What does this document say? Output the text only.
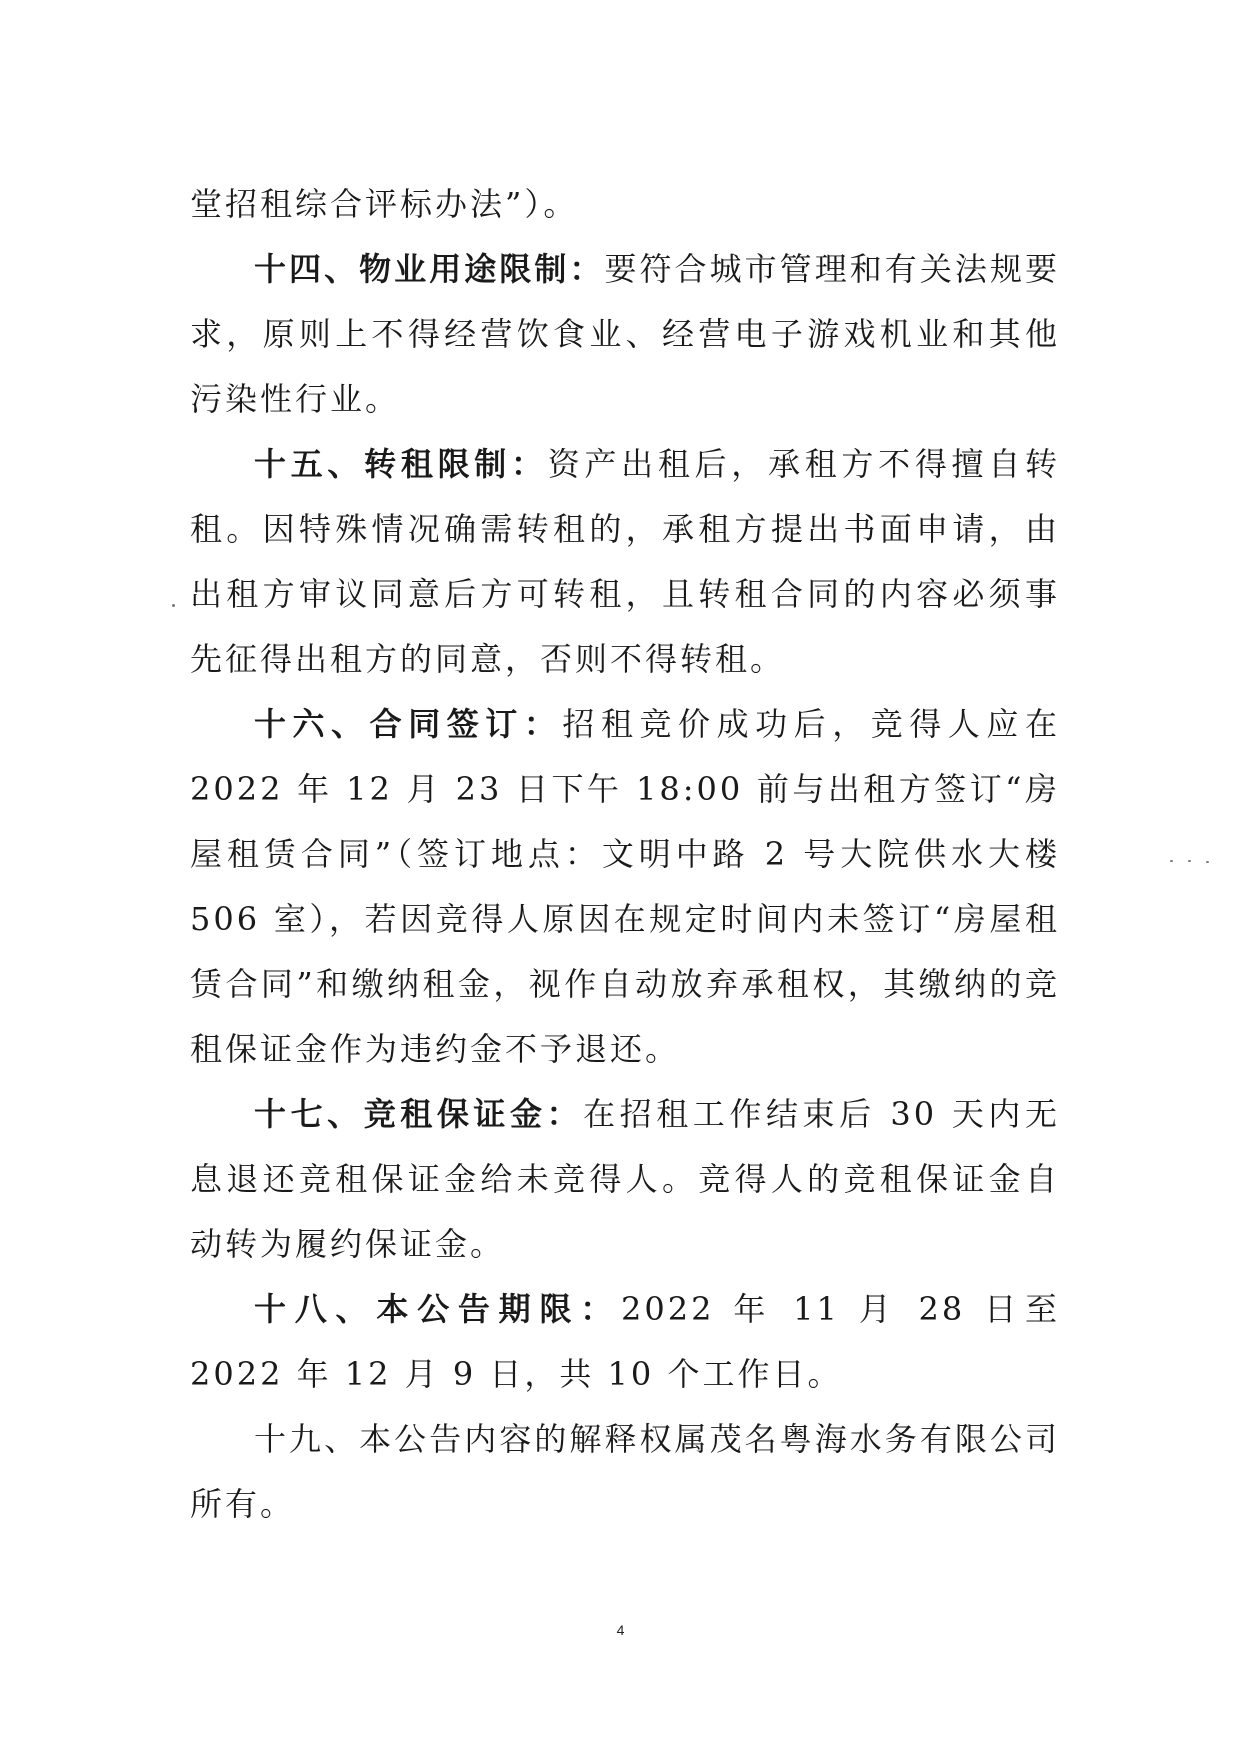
堂招租综合评标办法”）。

十四、物业用途限制：要符合城市管理和有关法规要求，原则上不得经营饮食业、经营电子游戏机业和其他污染性行业。

十五、转租限制：资产出租后，承租方不得擅自转租。因特殊情况确需转租的，承租方提出书面申请，由出租方审议同意后方可转租，且转租合同的内容必须事先征得出租方的同意，否则不得转租。

十六、合同签订：招租竞价成功后，竞得人应在 2022 年 12 月 23 日下午 18:00 前与出租方签订“房屋租赁合同”（签订地点：文明中路 2 号大院供水大楼 506 室），若因竞得人原因在规定时间内未签订“房屋租赁合同”和缴纳租金，视作自动放弃承租权，其缴纳的竞租保证金作为违约金不予退还。

十七、竞租保证金：在招租工作结束后 30 天内无息退还竞租保证金给未竞得人。竞得人的竞租保证金自动转为履约保证金。

十八、本公告期限：2022 年 11 月 28 日至 2022 年 12 月 9 日，共 10 个工作日。

十九、本公告内容的解释权属茂名粤海水务有限公司所有。

4
